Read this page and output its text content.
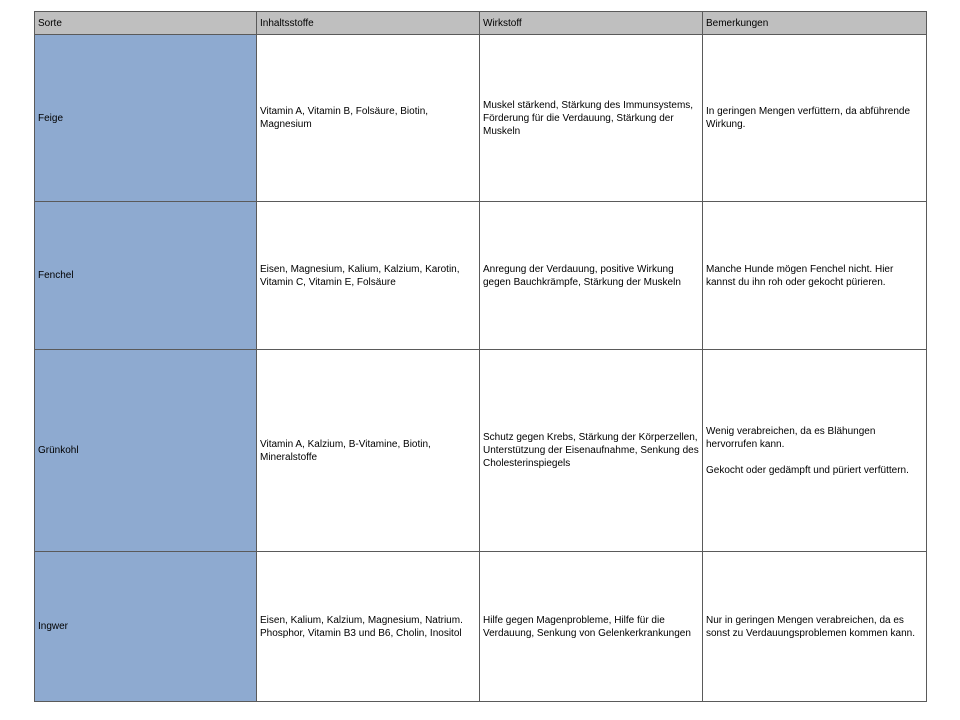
Sorte	Inhaltsstoffe	Wirkstoff	Bemerkungen
Feige	Vitamin A, Vitamin B, Folsäure, Biotin, Magnesium	Muskel stärkend, Stärkung des Immunsystems, Förderung für die Verdauung, Stärkung der Muskeln	In geringen Mengen verfüttern, da abführende Wirkung.

Fenchel	Eisen, Magnesium, Kalium, Kalzium, Karotin, Vitamin C, Vitamin E, Folsäure	Anregung der Verdauung, positive Wirkung gegen Bauchkrämpfe, Stärkung der Muskeln	Manche Hunde mögen Fenchel nicht. Hier kannst du ihn roh oder gekocht pürieren.

Grünkohl	Vitamin A, Kalzium, B-Vitamine, Biotin, Mineralstoffe	Schutz gegen Krebs, Stärkung der Körperzellen, Unterstützung der Eisenaufnahme, Senkung des Cholesterinspiegels	Wenig verabreichen, da es Blähungen hervorrufen kann.
Gekocht oder gedämpft und püriert verfüttern.

Ingwer	Eisen, Kalium, Kalzium, Magnesium, Natrium. Phosphor, Vitamin B3 und B6, Cholin, Inositol	Hilfe gegen Magenprobleme, Hilfe für die Verdauung, Senkung von Gelenkerkrankungen	Nur in geringen Mengen verabreichen, da es sonst zu Verdauungsproblemen kommen kann.
